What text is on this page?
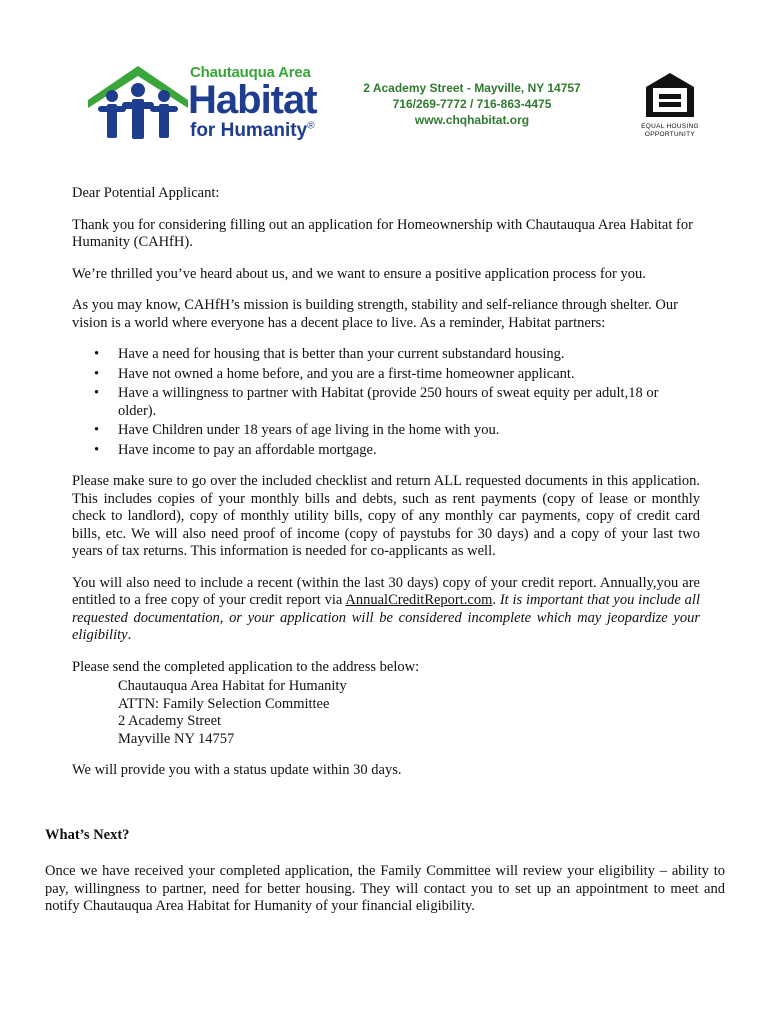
Chautauqua Area
Habitat
for Humanity®
2 Academy Street - Mayville, NY 14757
716/269-7772 / 716-863-4475
www.chqhabitat.org	EQUAL HOUSING
OPPORTUNITY

Dear Potential Applicant:

Thank you for considering filling out an application for Homeownership with Chautauqua Area Habitat for Humanity (CAHfH).

We’re thrilled you’ve heard about us, and we want to ensure a positive application process for you.

As you may know, CAHfH’s mission is building strength, stability and self-reliance through shelter. Our vision is a world where everyone has a decent place to live. As a reminder, Habitat partners:

• Have a need for housing that is better than your current substandard housing.
• Have not owned a home before, and you are a first-time homeowner applicant.
• Have a willingness to partner with Habitat (provide 250 hours of sweat equity per adult,18 or older).
• Have Children under 18 years of age living in the home with you.
• Have income to pay an affordable mortgage.

Please make sure to go over the included checklist and return ALL requested documents in this application. This includes copies of your monthly bills and debts, such as rent payments (copy of lease or monthly check to landlord), copy of monthly utility bills, copy of any monthly car payments, copy of credit card bills, etc. We will also need proof of income (copy of paystubs for 30 days) and a copy of your last two years of tax returns. This information is needed for co-applicants as well.

You will also need to include a recent (within the last 30 days) copy of your credit report. Annually,you are entitled to a free copy of your credit report via AnnualCreditReport.com. It is important that you include all requested documentation, or your application will be considered incomplete which may jeopardize your eligibility.

Please send the completed application to the address below:

Chautauqua Area Habitat for Humanity
ATTN: Family Selection Committee
2 Academy Street
Mayville NY 14757

We will provide you with a status update within 30 days.

What’s Next?
Once we have received your completed application, the Family Committee will review your eligibility – ability to pay, willingness to partner, need for better housing. They will contact you to set up an appointment to meet and notify Chautauqua Area Habitat for Humanity of your financial eligibility.
